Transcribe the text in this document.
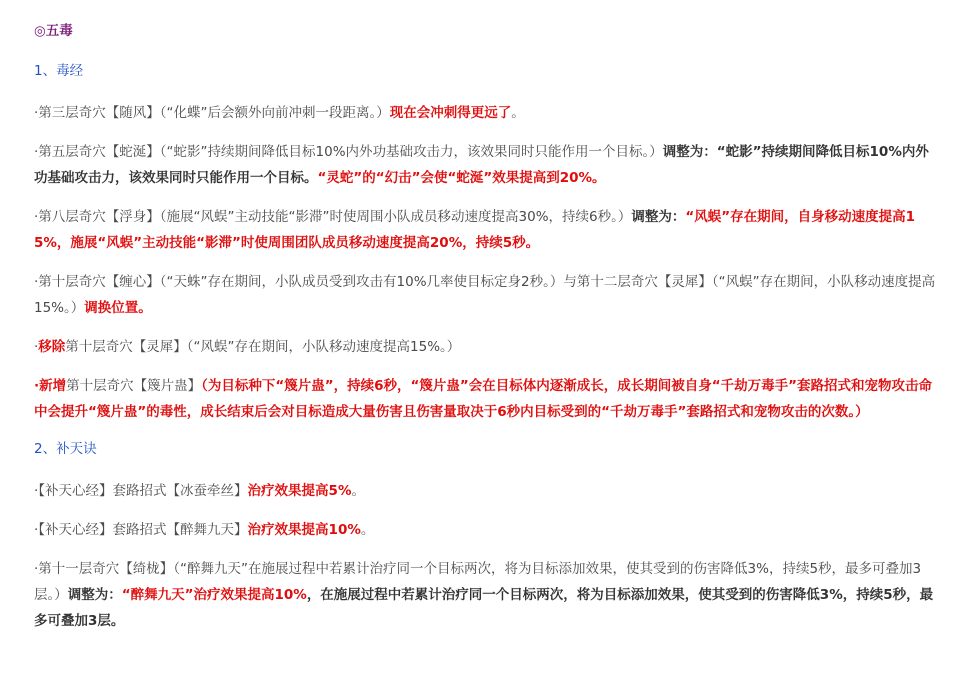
◎五毒
1、毒经
·第三层奇穴【随风】（“化蝶”后会额外向前冲刺一段距离。）现在会冲刺得更远了。
·第五层奇穴【蛇涎】（“蛇影”持续期间降低目标10%内外功基础攻击力，该效果同时只能作用一个目标。）调整为：“蛇影”持续期间降低目标10%内外功基础攻击力，该效果同时只能作用一个目标。“灵蛇”的“幻击”会使“蛇涎”效果提高到20%。
·第八层奇穴【浮身】（施展“风蜈”主动技能“影滞”时使周围小队成员移动速度提高30%，持续6秒。）调整为：“风蜈”存在期间，自身移动速度提高15%，施展“风蜈”主动技能“影滞”时使周围团队成员移动速度提高20%，持续5秒。
·第十层奇穴【缠心】（“天蛛”存在期间，小队成员受到攻击有10%几率使目标定身2秒。）与第十二层奇穴【灵犀】（“风蜈”存在期间，小队移动速度提高15%。）调换位置。
·移除第十层奇穴【灵犀】（“风蜈”存在期间，小队移动速度提高15%。）
·新增第十层奇穴【篾片蛊】（为目标种下“篾片蛊”，持续6秒，“篾片蛊”会在目标体内逐渐成长，成长期间被自身“千劫万毒手”套路招式和宠物攻击命中会提升“篾片蛊”的毒性，成长结束后会对目标造成大量伤害且伤害量取决于6秒内目标受到的“千劫万毒手”套路招式和宠物攻击的次数。）
2、补天诀
·【补天心经】套路招式【冰蚕牵丝】治疗效果提高5%。
·【补天心经】套路招式【醉舞九天】治疗效果提高10%。
·第十一层奇穴【绮栊】（“醉舞九天”在施展过程中若累计治疗同一个目标两次，将为目标添加效果，使其受到的伤害降低3%，持续5秒，最多可叠加3层。）调整为：“醉舞九天”治疗效果提高10%，在施展过程中若累计治疗同一个目标两次，将为目标添加效果，使其受到的伤害降低3%，持续5秒，最多可叠加3层。
